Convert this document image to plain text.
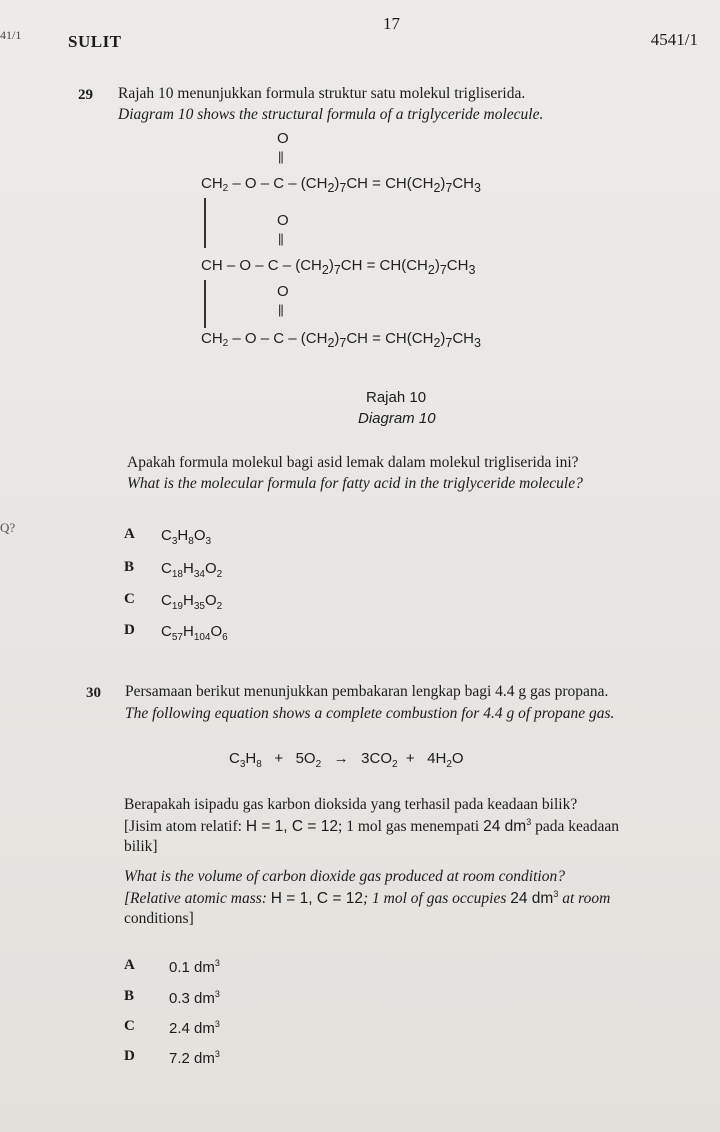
41/1
17
SULIT	4541/1
29 Rajah 10 menunjukkan formula struktur satu molekul trigliserida.
Diagram 10 shows the structural formula of a triglyceride molecule.
O
||
$CH_2 - O - C - (CH_2)_7CH = CH(CH_2)_7CH_3$
O
||
CH – $O - C - (CH_2)_7CH = CH(CH_2)_7CH_3$
O
||
$CH_2 - O - C - (CH_2)_7CH = CH(CH_2)_7CH_3$
Rajah 10
Diagram 10
Apakah formula molekul bagi asid lemak dalam molekul trigliserida ini?
What is the molecular formula for fatty acid in the triglyceride molecule?
Q?	A $C_3H_8O_3$
B $C_{18}H_{34}O_2$
C $C_{19}H_{35}O_2$
D $C_{57}H_{104}O_6$
30 Persamaan berikut menunjukkan pembakaran lengkap bagi 4.4 g gas propana.
The following equation shows a complete combustion for 4.4 g of propane gas.
$C_3H_8 + 5O_2 \to 3CO_2 + 4H_2O$
Berapakah isipadu gas karbon dioksida yang terhasil pada keadaan bilik?
[Jisim atom relatif: H = 1, C = 12; 1 mol gas menempati 24 $dm^3$ pada keadaan
bilik]
What is the volume of carbon dioxide gas produced at room condition?
[Relative atomic mass: H = 1, C = 12; 1 mol of gas occupies 24 $dm^3$ at room
conditions]
A 0.1 $dm^3$
B 0.3 $dm^3$
C 2.4 $dm^3$
D 7.2 $dm^3$
